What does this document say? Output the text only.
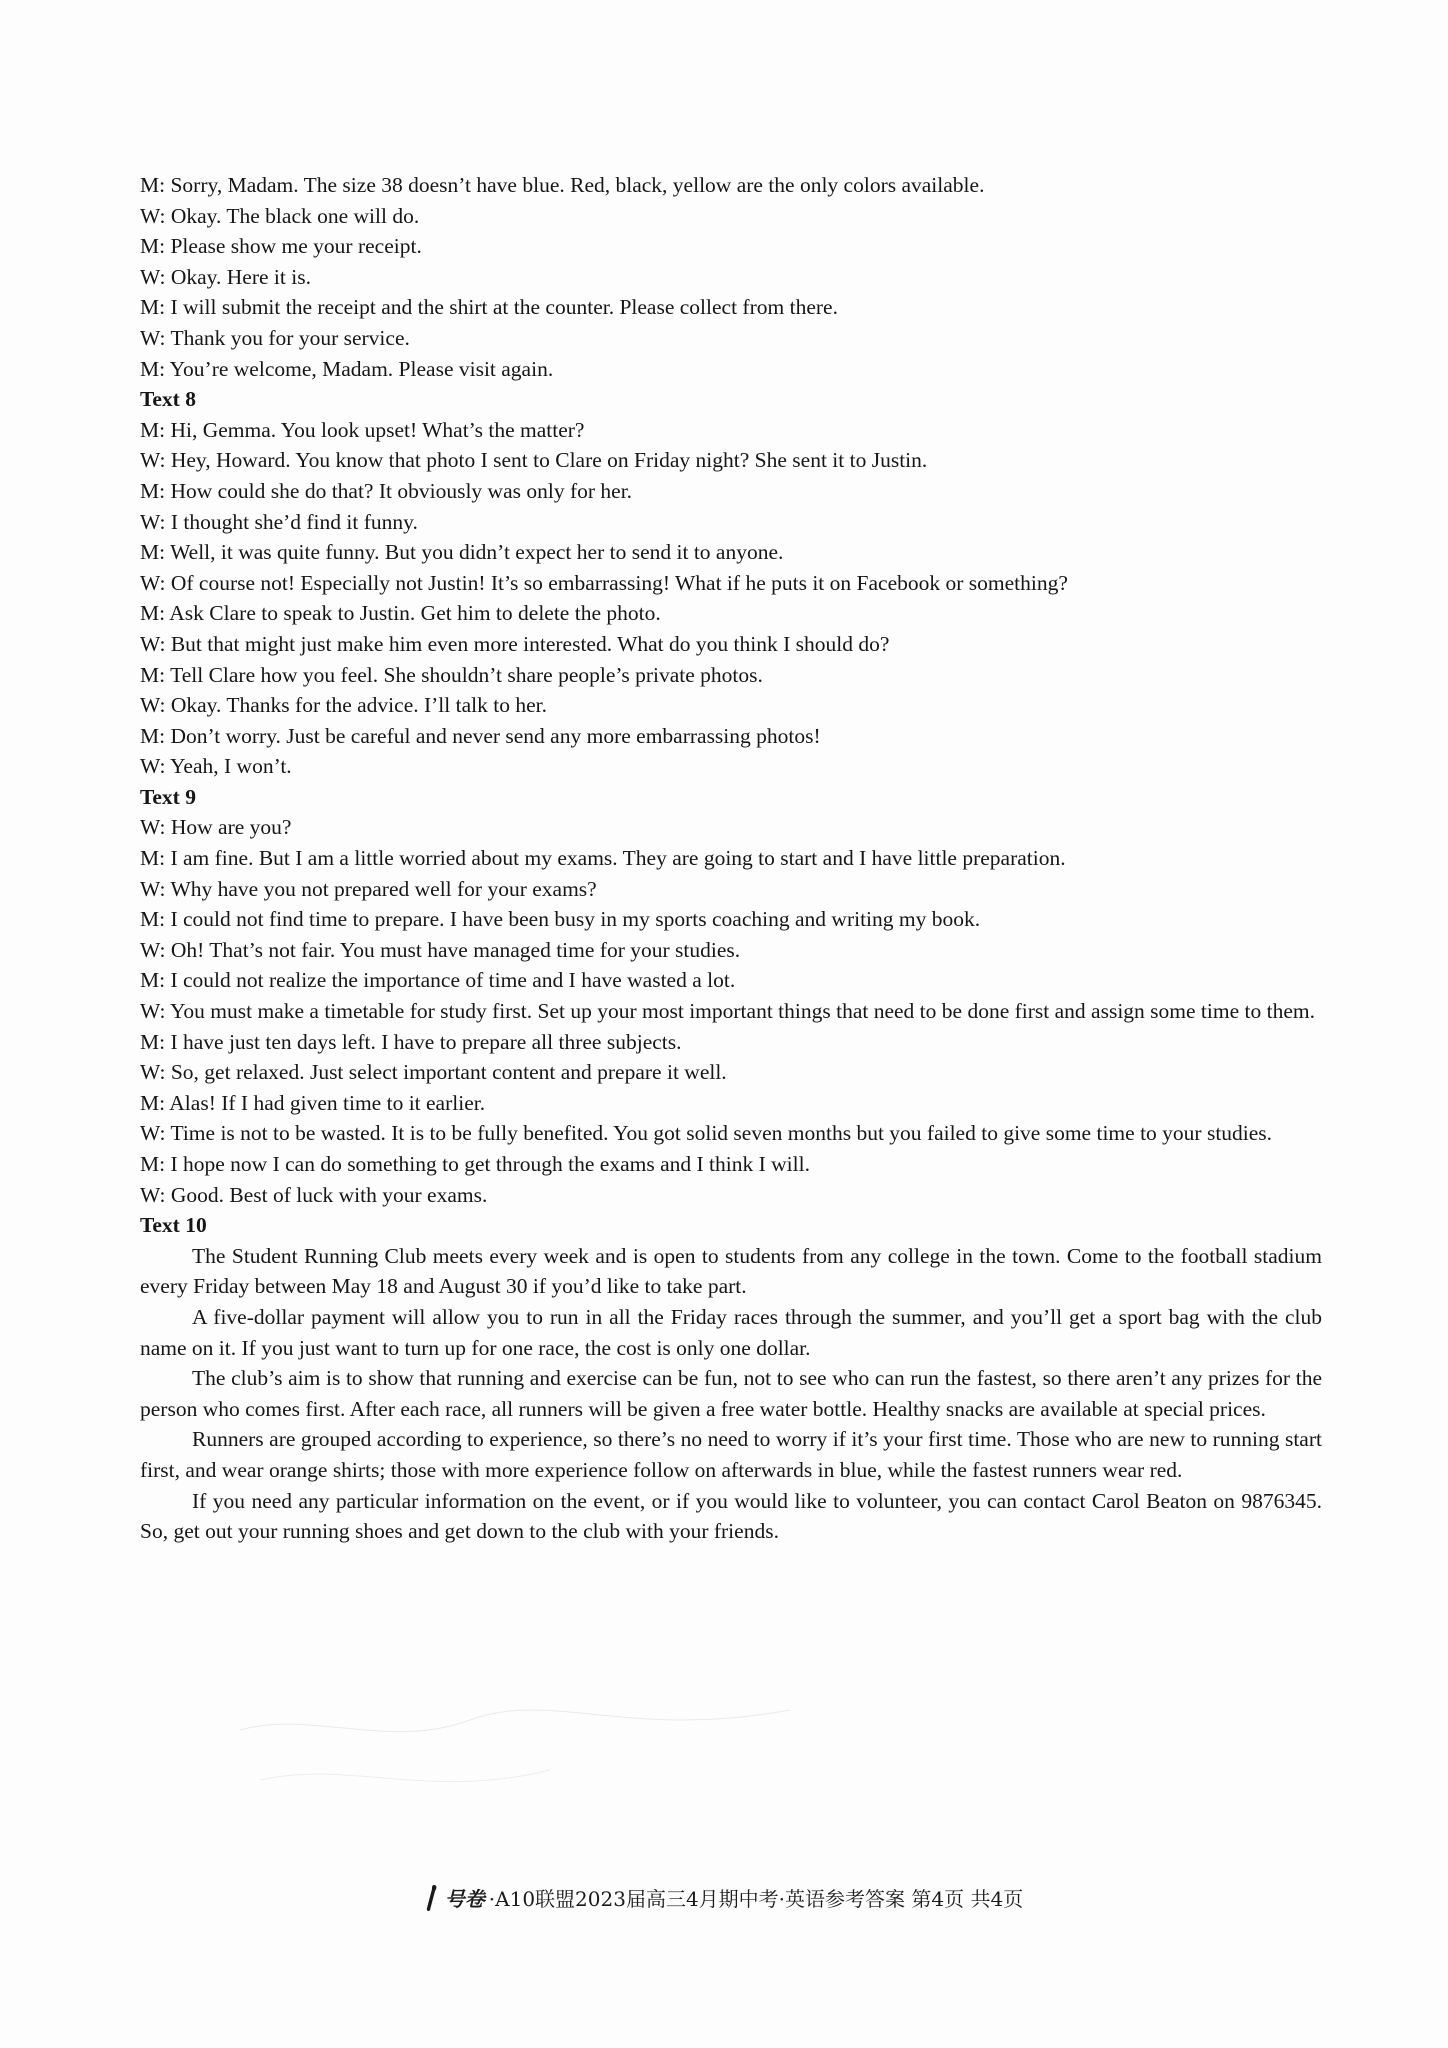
M: Sorry, Madam. The size 38 doesn’t have blue. Red, black, yellow are the only colors available.

W: Okay. The black one will do.

M: Please show me your receipt.

W: Okay. Here it is.

M: I will submit the receipt and the shirt at the counter. Please collect from there.

W: Thank you for your service.

M: You’re welcome, Madam. Please visit again.

Text 8

M: Hi, Gemma. You look upset! What’s the matter?

W: Hey, Howard. You know that photo I sent to Clare on Friday night? She sent it to Justin.

M: How could she do that? It obviously was only for her.

W: I thought she’d find it funny.

M: Well, it was quite funny. But you didn’t expect her to send it to anyone.

W: Of course not! Especially not Justin! It’s so embarrassing! What if he puts it on Facebook or something?

M: Ask Clare to speak to Justin. Get him to delete the photo.

W: But that might just make him even more interested. What do you think I should do?

M: Tell Clare how you feel. She shouldn’t share people’s private photos.

W: Okay. Thanks for the advice. I’ll talk to her.

M: Don’t worry. Just be careful and never send any more embarrassing photos!

W: Yeah, I won’t.

Text 9

W: How are you?

M: I am fine. But I am a little worried about my exams. They are going to start and I have little preparation.

W: Why have you not prepared well for your exams?

M: I could not find time to prepare. I have been busy in my sports coaching and writing my book.

W: Oh! That’s not fair. You must have managed time for your studies.

M: I could not realize the importance of time and I have wasted a lot.

W: You must make a timetable for study first. Set up your most important things that need to be done first and assign some time to them.

M: I have just ten days left. I have to prepare all three subjects.

W: So, get relaxed. Just select important content and prepare it well.

M: Alas! If I had given time to it earlier.

W: Time is not to be wasted. It is to be fully benefited. You got solid seven months but you failed to give some time to your studies.

M: I hope now I can do something to get through the exams and I think I will.

W: Good. Best of luck with your exams.

Text 10

The Student Running Club meets every week and is open to students from any college in the town. Come to the football stadium every Friday between May 18 and August 30 if you’d like to take part.

A five-dollar payment will allow you to run in all the Friday races through the summer, and you’ll get a sport bag with the club name on it. If you just want to turn up for one race, the cost is only one dollar.

The club’s aim is to show that running and exercise can be fun, not to see who can run the fastest, so there aren’t any prizes for the person who comes first. After each race, all runners will be given a free water bottle. Healthy snacks are available at special prices.

Runners are grouped according to experience, so there’s no need to worry if it’s your first time. Those who are new to running start first, and wear orange shirts; those with more experience follow on afterwards in blue, while the fastest runners wear red.

If you need any particular information on the event, or if you would like to volunteer, you can contact Carol Beaton on 9876345. So, get out your running shoes and get down to the club with your friends.

号卷 ·A10联盟2023届高三4月期中考·英语参考答案 第4页 共4页
